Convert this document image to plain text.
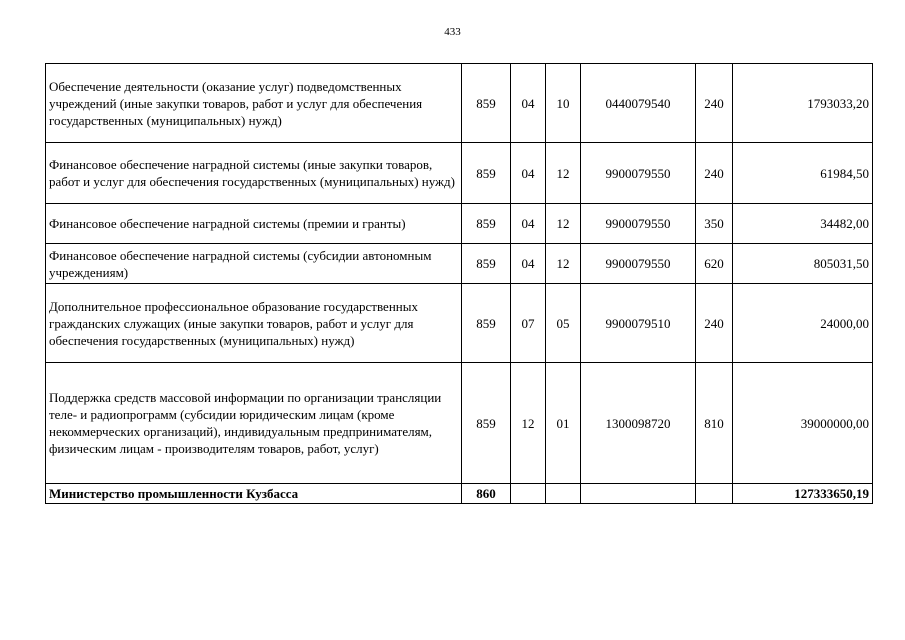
433
Обеспечение деятельности (оказание услуг) подведомственных учреждений (иные закупки товаров, работ и услуг для обеспечения государственных (муниципальных) нужд)	859	04	10	0440079540	240	1793033,20
Финансовое обеспечение наградной системы (иные закупки товаров, работ и услуг для обеспечения государственных (муниципальных) нужд)	859	04	12	9900079550	240	61984,50
Финансовое обеспечение наградной системы (премии и гранты)	859	04	12	9900079550	350	34482,00
Финансовое обеспечение наградной системы (субсидии автономным учреждениям)	859	04	12	9900079550	620	805031,50
Дополнительное профессиональное образование государственных гражданских служащих (иные закупки товаров, работ и услуг для обеспечения государственных (муниципальных) нужд)	859	07	05	9900079510	240	24000,00
Поддержка средств массовой информации по организации трансляции теле- и радиопрограмм (субсидии юридическим лицам (кроме некоммерческих организаций), индивидуальным предпринимателям, физическим лицам - производителям товаров, работ, услуг)	859	12	01	1300098720	810	39000000,00
Министерство промышленности Кузбасса	860					127333650,19
